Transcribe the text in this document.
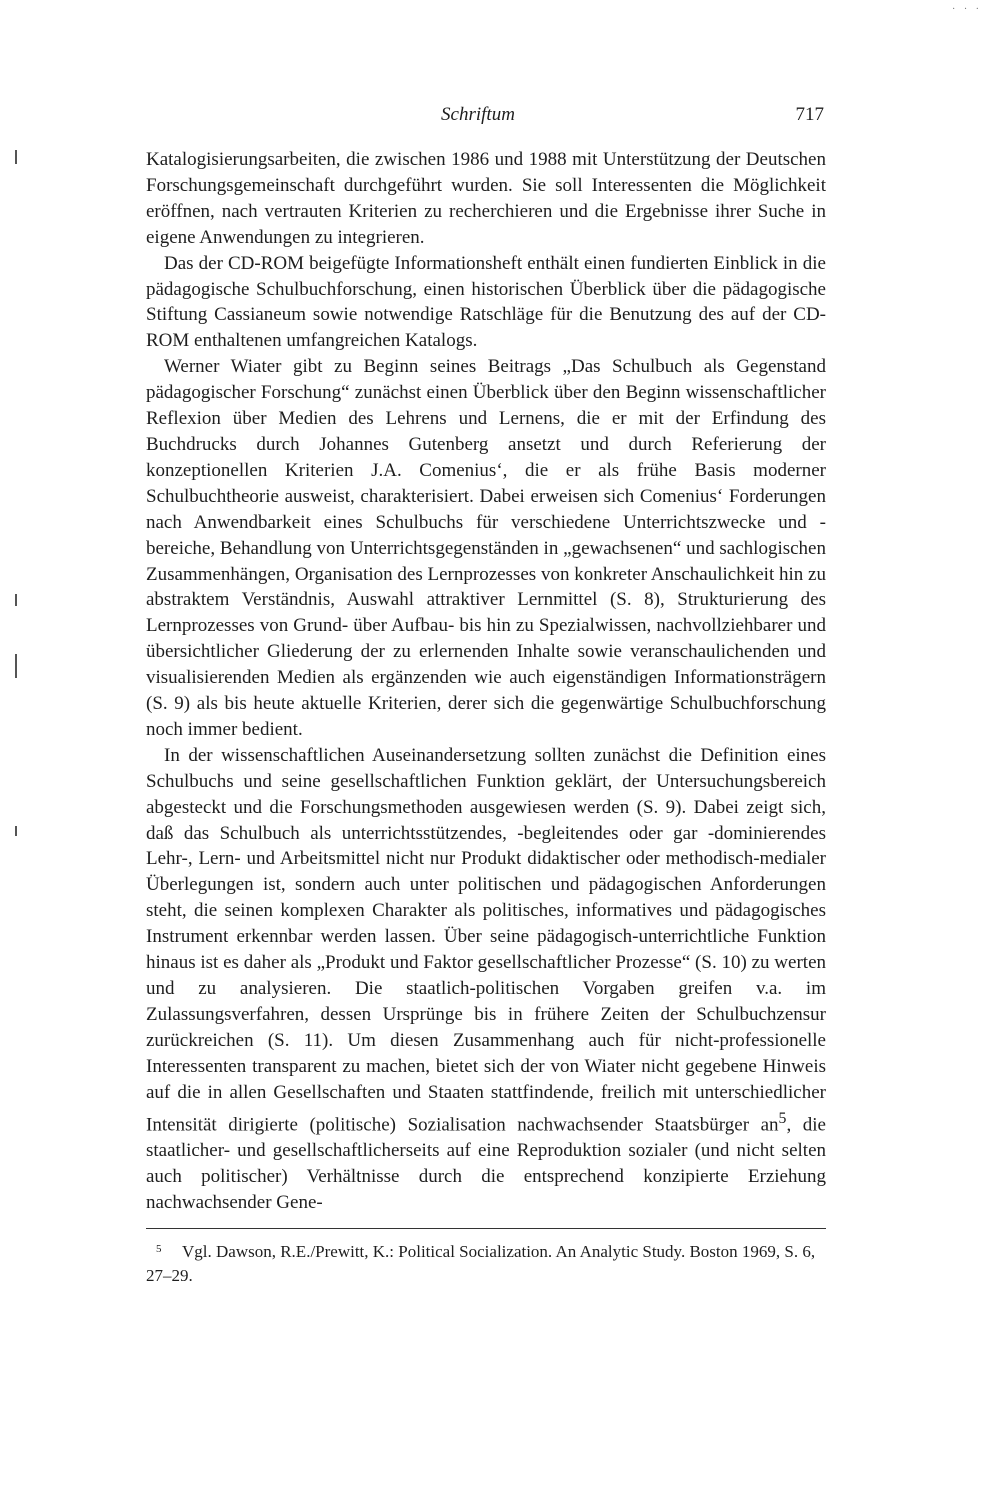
· · ·
Schriftum	717

Katalogisierungsarbeiten, die zwischen 1986 und 1988 mit Unterstützung der Deutschen Forschungsgemeinschaft durchgeführt wurden. Sie soll Interessenten die Möglichkeit eröffnen, nach vertrauten Kriterien zu recherchieren und die Ergebnisse ihrer Suche in eigene Anwendungen zu integrieren.

Das der CD-ROM beigefügte Informationsheft enthält einen fundierten Einblick in die pädagogische Schulbuchforschung, einen historischen Überblick über die pädagogische Stiftung Cassianeum sowie notwendige Ratschläge für die Benutzung des auf der CD-ROM enthaltenen umfangreichen Katalogs.

Werner Wiater gibt zu Beginn seines Beitrags „Das Schulbuch als Gegenstand pädagogischer Forschung“ zunächst einen Überblick über den Beginn wissenschaftlicher Reflexion über Medien des Lehrens und Lernens, die er mit der Erfindung des Buchdrucks durch Johannes Gutenberg ansetzt und durch Referierung der konzeptionellen Kriterien J.A. Comenius‘, die er als frühe Basis moderner Schulbuchtheorie ausweist, charakterisiert. Dabei erweisen sich Comenius‘ Forderungen nach Anwendbarkeit eines Schulbuchs für verschiedene Unterrichtszwecke und -bereiche, Behandlung von Unterrichtsgegenständen in „gewachsenen“ und sachlogischen Zusammenhängen, Organisation des Lernprozesses von konkreter Anschaulichkeit hin zu abstraktem Verständnis, Auswahl attraktiver Lernmittel (S. 8), Strukturierung des Lernprozesses von Grund- über Aufbau- bis hin zu Spezialwissen, nachvollziehbarer und übersichtlicher Gliederung der zu erlernenden Inhalte sowie veranschaulichenden und visualisierenden Medien als ergänzenden wie auch eigenständigen Informationsträgern (S. 9) als bis heute aktuelle Kriterien, derer sich die gegenwärtige Schulbuchforschung noch immer bedient.

In der wissenschaftlichen Auseinandersetzung sollten zunächst die Definition eines Schulbuchs und seine gesellschaftlichen Funktion geklärt, der Untersuchungsbereich abgesteckt und die Forschungsmethoden ausgewiesen werden (S. 9). Dabei zeigt sich, daß das Schulbuch als unterrichtsstützendes, -begleitendes oder gar -dominierendes Lehr-, Lern- und Arbeitsmittel nicht nur Produkt didaktischer oder methodisch-medialer Überlegungen ist, sondern auch unter politischen und pädagogischen Anforderungen steht, die seinen komplexen Charakter als politisches, informatives und pädagogisches Instrument erkennbar werden lassen. Über seine pädagogisch-unterrichtliche Funktion hinaus ist es daher als „Produkt und Faktor gesellschaftlicher Prozesse“ (S. 10) zu werten und zu analysieren. Die staatlich-politischen Vorgaben greifen v.a. im Zulassungsverfahren, dessen Ursprünge bis in frühere Zeiten der Schulbuchzensur zurückreichen (S. 11). Um diesen Zusammenhang auch für nicht-professionelle Interessenten transparent zu machen, bietet sich der von Wiater nicht gegebene Hinweis auf die in allen Gesellschaften und Staaten stattfindende, freilich mit unterschiedlicher Intensität dirigierte (politische) Sozialisation nachwachsender Staatsbürger $an^5$, die staatlicher- und gesellschaftlicherseits auf eine Reproduktion sozialer (und nicht selten auch politischer) Verhältnisse durch die entsprechend konzipierte Erziehung nachwachsender Gene-

5 Vgl. Dawson, R.E./Prewitt, K.: Political Socialization. An Analytic Study. Boston 1969, S. 6, 27–29.
